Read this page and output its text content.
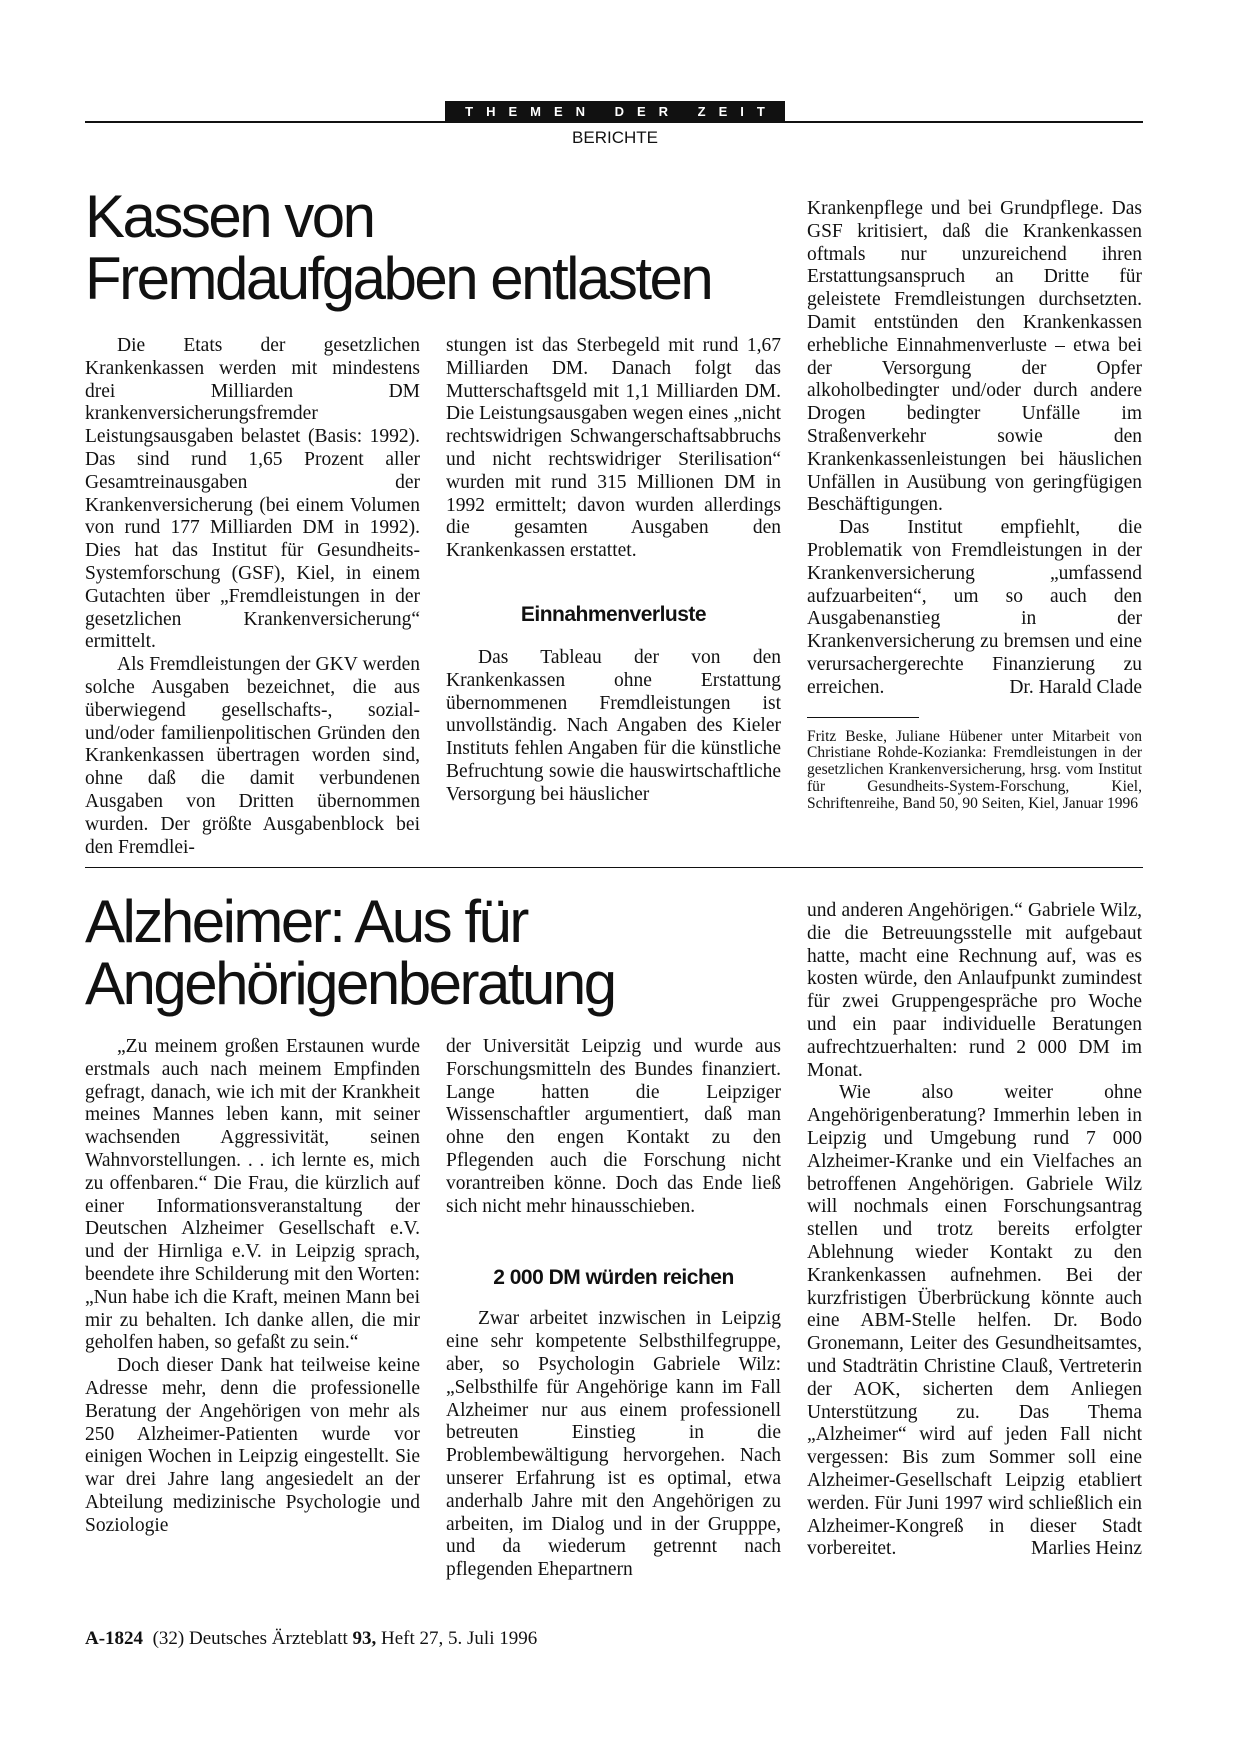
THEMEN DER ZEIT
BERICHTE
Kassen von
Fremdaufgaben entlasten

Die Etats der gesetzlichen Krankenkassen werden mit mindestens drei Milliarden DM krankenversicherungsfremder Leistungsausgaben belastet (Basis: 1992). Das sind rund 1,65 Prozent aller Gesamtreinausgaben der Krankenversicherung (bei einem Volumen von rund 177 Milliarden DM in 1992). Dies hat das Institut für Gesundheits-Systemforschung (GSF), Kiel, in einem Gutachten über „Fremdleistungen in der gesetzlichen Krankenversicherung“ ermittelt.

Als Fremdleistungen der GKV werden solche Ausgaben bezeichnet, die aus überwiegend gesellschafts-, sozial- und/oder familienpolitischen Gründen den Krankenkassen übertragen worden sind, ohne daß die damit verbundenen Ausgaben von Dritten übernommen wurden. Der größte Ausgabenblock bei den Fremdlei-

stungen ist das Sterbegeld mit rund 1,67 Milliarden DM. Danach folgt das Mutterschaftsgeld mit 1,1 Milliarden DM. Die Leistungsausgaben wegen eines „nicht rechtswidrigen Schwangerschaftsabbruchs und nicht rechtswidriger Sterilisation“ wurden mit rund 315 Millionen DM in 1992 ermittelt; davon wurden allerdings die gesamten Ausgaben den Krankenkassen erstattet.

Einnahmenverluste

Das Tableau der von den Krankenkassen ohne Erstattung übernommenen Fremdleistungen ist unvollständig. Nach Angaben des Kieler Instituts fehlen Angaben für die künstliche Befruchtung sowie die hauswirtschaftliche Versorgung bei häuslicher

Krankenpflege und bei Grundpflege. Das GSF kritisiert, daß die Krankenkassen oftmals nur unzureichend ihren Erstattungsanspruch an Dritte für geleistete Fremdleistungen durchsetzten. Damit entstünden den Krankenkassen erhebliche Einnahmenverluste – etwa bei der Versorgung der Opfer alkoholbedingter und/oder durch andere Drogen bedingter Unfälle im Straßenverkehr sowie den Krankenkassenleistungen bei häuslichen Unfällen in Ausübung von geringfügigen Beschäftigungen.

Das Institut empfiehlt, die Problematik von Fremdleistungen in der Krankenversicherung „umfassend aufzuarbeiten“, um so auch den Ausgabenanstieg in der Krankenversicherung zu bremsen und eine verursachergerechte Finanzierung zu erreichen.	Dr. Harald Clade

Fritz Beske, Juliane Hübener unter Mitarbeit von Christiane Rohde-Kozianka: Fremdleistungen in der gesetzlichen Krankenversicherung, hrsg. vom Institut für Gesundheits-System-Forschung, Kiel, Schriftenreihe, Band 50, 90 Seiten, Kiel, Januar 1996
Alzheimer: Aus für
Angehörigenberatung

„Zu meinem großen Erstaunen wurde erstmals auch nach meinem Empfinden gefragt, danach, wie ich mit der Krankheit meines Mannes leben kann, mit seiner wachsenden Aggressivität, seinen Wahnvorstellungen. . . ich lernte es, mich zu offenbaren.“ Die Frau, die kürzlich auf einer Informationsveranstaltung der Deutschen Alzheimer Gesellschaft e.V. und der Hirnliga e.V. in Leipzig sprach, beendete ihre Schilderung mit den Worten: „Nun habe ich die Kraft, meinen Mann bei mir zu behalten. Ich danke allen, die mir geholfen haben, so gefaßt zu sein.“

Doch dieser Dank hat teilweise keine Adresse mehr, denn die professionelle Beratung der Angehörigen von mehr als 250 Alzheimer-Patienten wurde vor einigen Wochen in Leipzig eingestellt. Sie war drei Jahre lang angesiedelt an der Abteilung medizinische Psychologie und Soziologie

der Universität Leipzig und wurde aus Forschungsmitteln des Bundes finanziert. Lange hatten die Leipziger Wissenschaftler argumentiert, daß man ohne den engen Kontakt zu den Pflegenden auch die Forschung nicht vorantreiben könne. Doch das Ende ließ sich nicht mehr hinausschieben.

2 000 DM würden reichen

Zwar arbeitet inzwischen in Leipzig eine sehr kompetente Selbsthilfegruppe, aber, so Psychologin Gabriele Wilz: „Selbsthilfe für Angehörige kann im Fall Alzheimer nur aus einem professionell betreuten Einstieg in die Problembewältigung hervorgehen. Nach unserer Erfahrung ist es optimal, etwa anderhalb Jahre mit den Angehörigen zu arbeiten, im Dialog und in der Grupppe, und da wiederum getrennt nach pflegenden Ehepartnern

und anderen Angehörigen.“ Gabriele Wilz, die die Betreuungsstelle mit aufgebaut hatte, macht eine Rechnung auf, was es kosten würde, den Anlaufpunkt zumindest für zwei Gruppengespräche pro Woche und ein paar individuelle Beratungen aufrechtzuerhalten: rund 2 000 DM im Monat.

Wie also weiter ohne Angehörigenberatung? Immerhin leben in Leipzig und Umgebung rund 7 000 Alzheimer-Kranke und ein Vielfaches an betroffenen Angehörigen. Gabriele Wilz will nochmals einen Forschungsantrag stellen und trotz bereits erfolgter Ablehnung wieder Kontakt zu den Krankenkassen aufnehmen. Bei der kurzfristigen Überbrückung könnte auch eine ABM-Stelle helfen. Dr. Bodo Gronemann, Leiter des Gesundheitsamtes, und Stadträtin Christine Clauß, Vertreterin der AOK, sicherten dem Anliegen Unterstützung zu. Das Thema „Alzheimer“ wird auf jeden Fall nicht vergessen: Bis zum Sommer soll eine Alzheimer-Gesellschaft Leipzig etabliert werden. Für Juni 1997 wird schließlich ein Alzheimer-Kongreß in dieser Stadt vorbereitet.	Marlies Heinz

A-1824 (32) Deutsches Ärzteblatt 93, Heft 27, 5. Juli 1996
